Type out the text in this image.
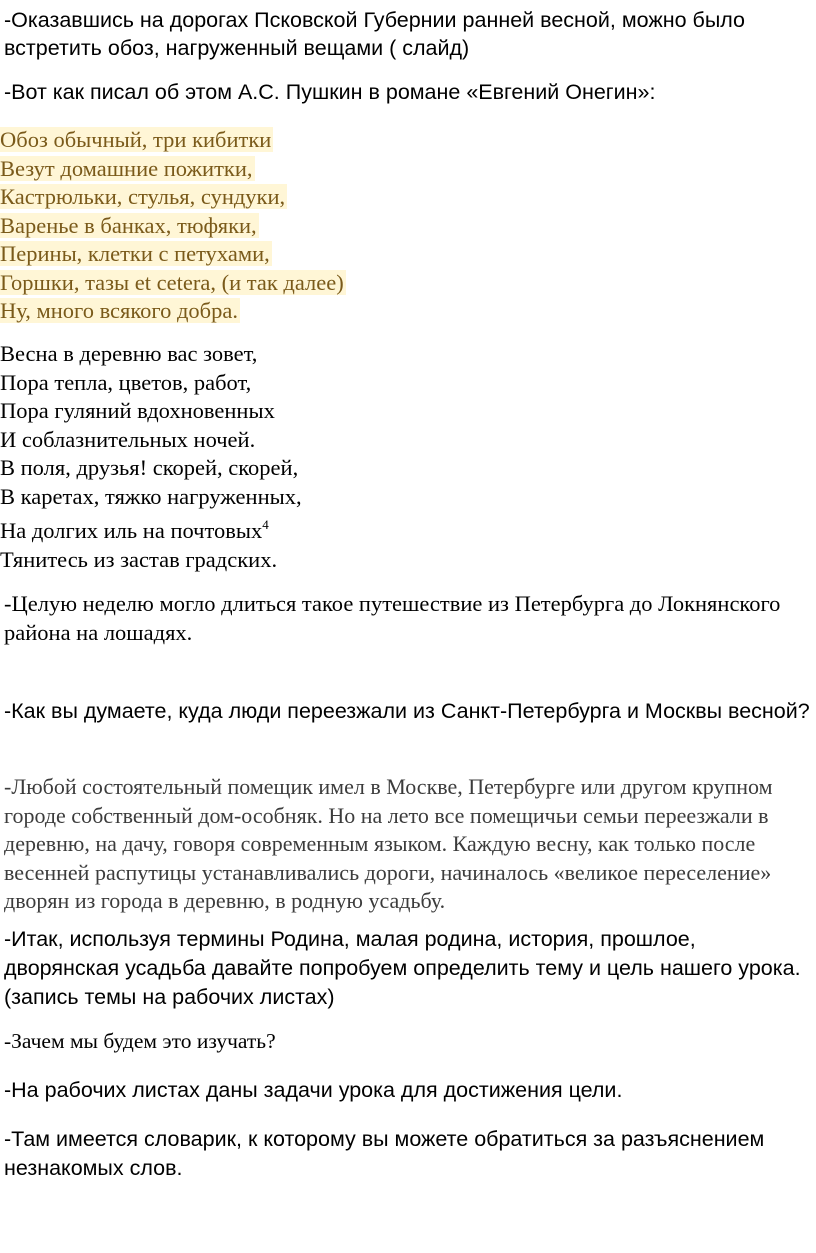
-Оказавшись на дорогах Псковской Губернии ранней весной, можно было встретить обоз, нагруженный вещами ( слайд)

-Вот как писал об этом А.С. Пушкин в романе «Евгений Онегин»:

Обоз обычный, три кибитки
Везут домашние пожитки,
Кастрюльки, стулья, сундуки,
Варенье в банках, тюфяки,
Перины, клетки с петухами,
Горшки, тазы et cetera, (и так далее)
Ну, много всякого добра.
Весна в деревню вас зовет,
Пора тепла, цветов, работ,
Пора гуляний вдохновенных
И соблазнительных ночей.
В поля, друзья! скорей, скорей,
В каретах, тяжко нагруженных,
На долгих иль на почтовых$^4$
Тянитесь из застав градских.

-Целую неделю могло длиться такое путешествие из Петербурга до Локнянского района на лошадях.

-Как вы думаете, куда люди переезжали из Санкт-Петербурга и Москвы весной?

-Любой состоятельный помещик имел в Москве, Петербурге или другом крупном городе собственный дом-особняк. Но на лето все помещичьи семьи переезжали в деревню, на дачу, говоря современным языком. Каждую весну, как только после весенней распутицы устанавливались дороги, начиналось «великое переселение» дворян из города в деревню, в родную усадьбу.

-Итак, используя термины Родина, малая родина, история, прошлое, дворянская усадьба давайте попробуем определить тему и цель нашего урока.(запись темы на рабочих листах)

-Зачем мы будем это изучать?

-На рабочих листах даны задачи урока для достижения цели.

-Там имеется словарик, к которому вы можете обратиться за разъяснением незнакомых слов.
